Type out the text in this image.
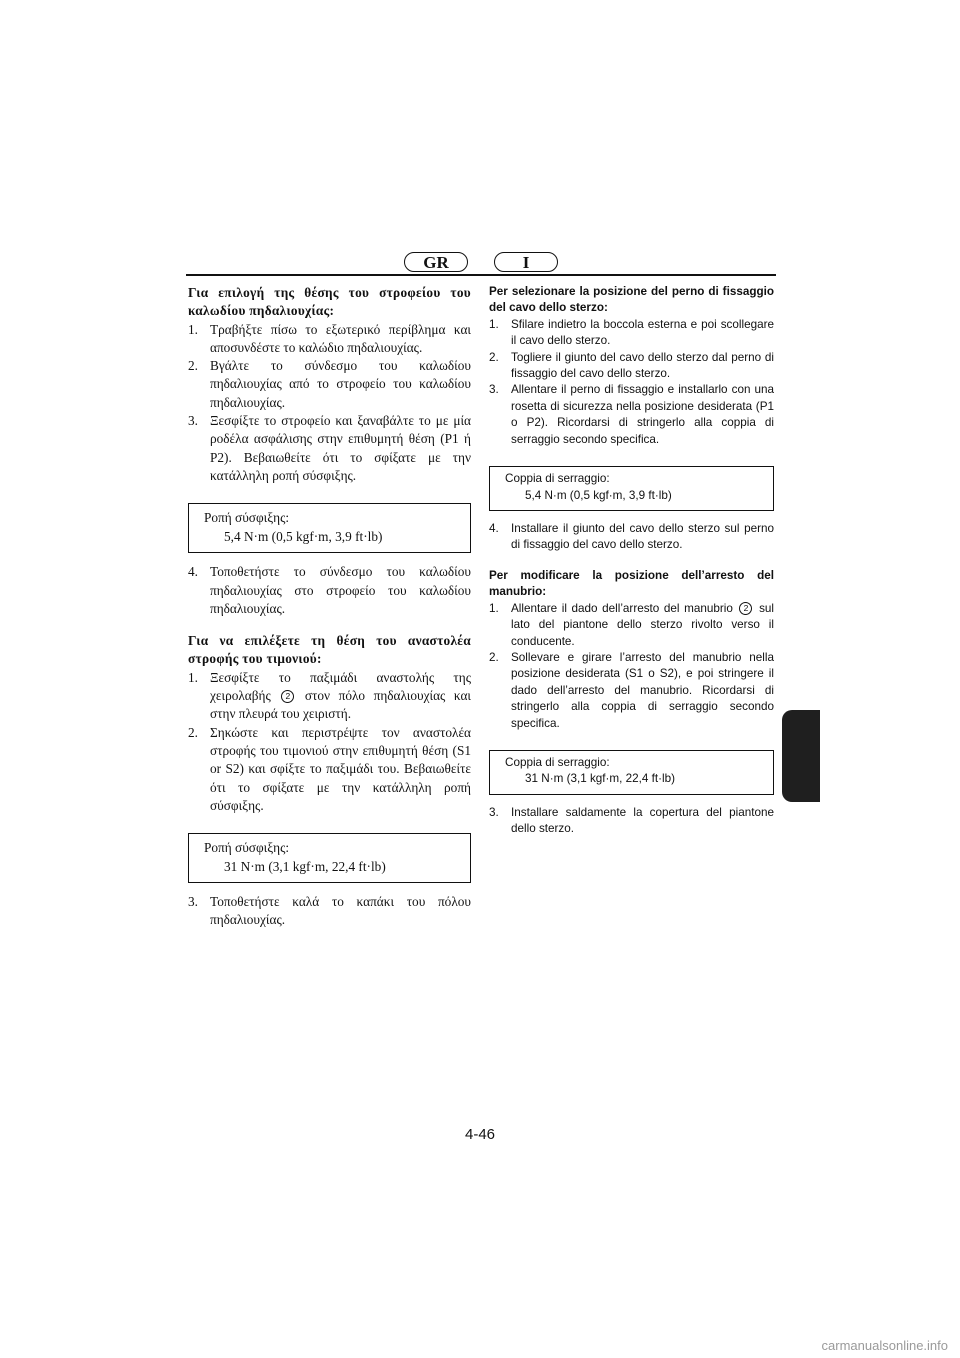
GR	I

Για επιλογή της θέσης του στροφείου του καλωδίου πηδαλιουχίας:

1. Τραβήξτε πίσω το εξωτερικό περίβλημα και αποσυνδέστε το καλώδιο πηδαλιουχίας.
2. Βγάλτε το σύνδεσμο του καλωδίου πηδαλιουχίας από το στροφείο του καλωδίου πηδαλιουχίας.
3. Ξεσφίξτε το στροφείο και ξαναβάλτε το με μία ροδέλα ασφάλισης στην επιθυμητή θέση (P1 ή P2). Βεβαιωθείτε ότι το σφίξατε με την κατάλληλη ροπή σύσφιξης.
Ροπή σύσφιξης:
5,4 N·m (0,5 kgf·m, 3,9 ft·lb)
4. Τοποθετήστε το σύνδεσμο του καλωδίου πηδαλιουχίας στο στροφείο του καλωδίου πηδαλιουχίας.

Για να επιλέξετε τη θέση του αναστολέα στροφής του τιμονιού:

1. Ξεσφίξτε το παξιμάδι αναστολής της χειρολαβής 2 στον πόλο πηδαλιουχίας και στην πλευρά του χειριστή.
2. Σηκώστε και περιστρέψτε τον αναστολέα στροφής του τιμονιού στην επιθυμητή θέση (S1 or S2) και σφίξτε το παξιμάδι του. Βεβαιωθείτε ότι το σφίξατε με την κατάλληλη ροπή σύσφιξης.
Ροπή σύσφιξης:
31 N·m (3,1 kgf·m, 22,4 ft·lb)
3. Τοποθετήστε καλά το καπάκι του πόλου πηδαλιουχίας.

Per selezionare la posizione del perno di fissaggio del cavo dello sterzo:

1. Sfilare indietro la boccola esterna e poi scollegare il cavo dello sterzo.
2. Togliere il giunto del cavo dello sterzo dal perno di fissaggio del cavo dello sterzo.
3. Allentare il perno di fissaggio e installarlo con una rosetta di sicurezza nella posizione desiderata (P1 o P2). Ricordarsi di stringerlo alla coppia di serraggio secondo specifica.
Coppia di serraggio:
5,4 N·m (0,5 kgf·m, 3,9 ft·lb)
4. Installare il giunto del cavo dello sterzo sul perno di fissaggio del cavo dello sterzo.

Per modificare la posizione dell’arresto del manubrio:

1. Allentare il dado dell’arresto del manubrio 2 sul lato del piantone dello sterzo rivolto verso il conducente.
2. Sollevare e girare l’arresto del manubrio nella posizione desiderata (S1 o S2), e poi stringere il dado dell’arresto del manubrio. Ricordarsi di stringerlo alla coppia di serraggio secondo specifica.
Coppia di serraggio:
31 N·m (3,1 kgf·m, 22,4 ft·lb)
3. Installare saldamente la copertura del piantone dello sterzo.
4-46
carmanualsonline.info
